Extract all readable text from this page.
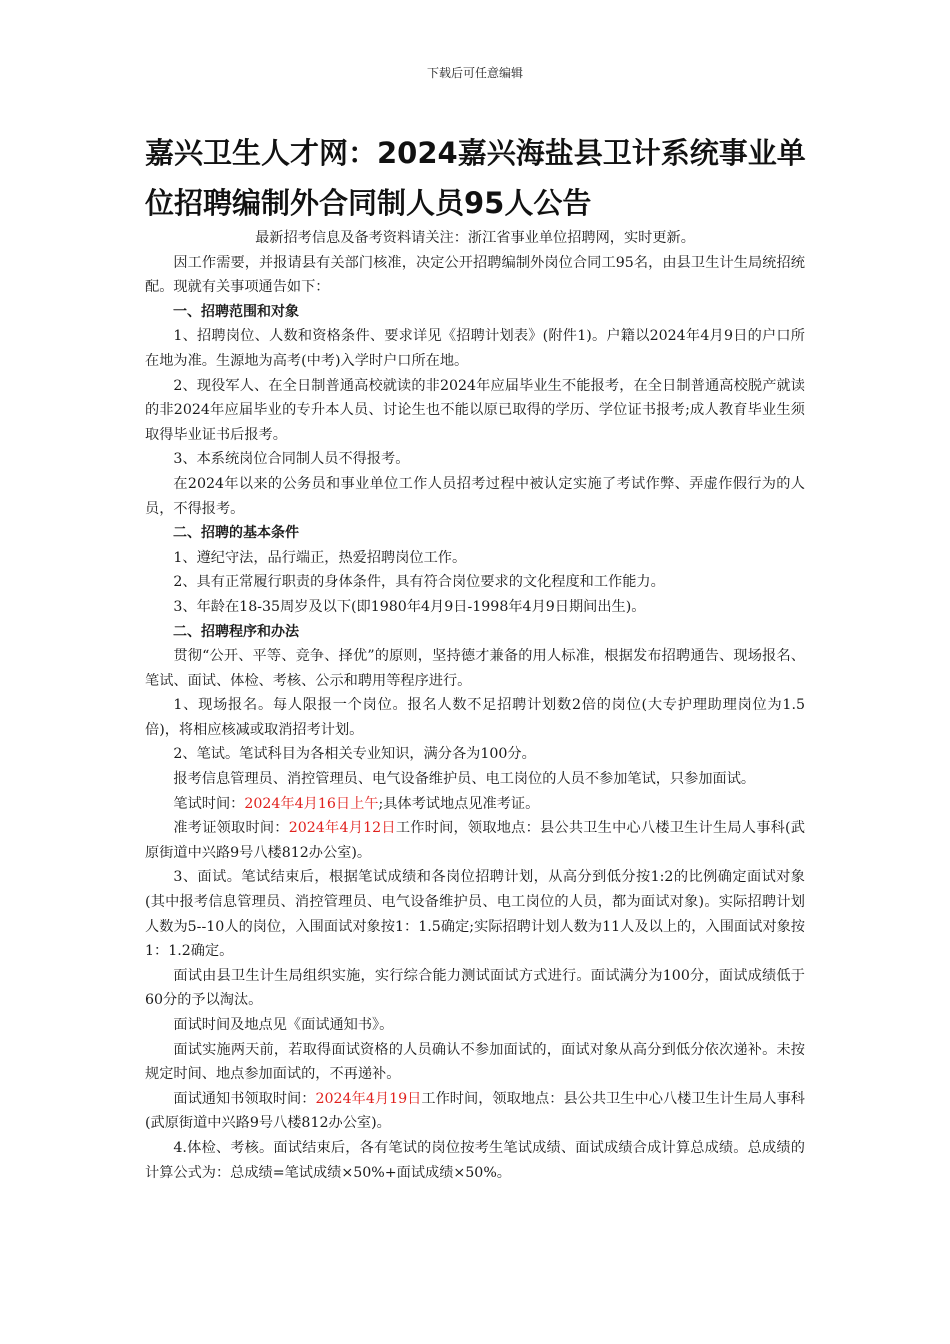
下载后可任意编辑
嘉兴卫生人才网：2024嘉兴海盐县卫计系统事业单位招聘编制外合同制人员95人公告

最新招考信息及备考资料请关注：浙江省事业单位招聘网，实时更新。

因工作需要，并报请县有关部门核准，决定公开招聘编制外岗位合同工95名，由县卫生计生局统招统配。现就有关事项通告如下：

一、招聘范围和对象

1、招聘岗位、人数和资格条件、要求详见《招聘计划表》(附件1)。户籍以2024年4月9日的户口所在地为准。生源地为高考(中考)入学时户口所在地。

2、现役军人、在全日制普通高校就读的非2024年应届毕业生不能报考，在全日制普通高校脱产就读的非2024年应届毕业的专升本人员、讨论生也不能以原已取得的学历、学位证书报考;成人教育毕业生须取得毕业证书后报考。

3、本系统岗位合同制人员不得报考。

在2024年以来的公务员和事业单位工作人员招考过程中被认定实施了考试作弊、弄虚作假行为的人员，不得报考。

二、招聘的基本条件

1、遵纪守法，品行端正，热爱招聘岗位工作。

2、具有正常履行职责的身体条件，具有符合岗位要求的文化程度和工作能力。

3、年龄在18-35周岁及以下(即1980年4月9日-1998年4月9日期间出生)。

二、招聘程序和办法

贯彻“公开、平等、竞争、择优”的原则，坚持德才兼备的用人标准，根据发布招聘通告、现场报名、笔试、面试、体检、考核、公示和聘用等程序进行。

1、现场报名。每人限报一个岗位。报名人数不足招聘计划数2倍的岗位(大专护理助理岗位为1.5倍)，将相应核减或取消招考计划。

2、笔试。笔试科目为各相关专业知识，满分各为100分。

报考信息管理员、消控管理员、电气设备维护员、电工岗位的人员不参加笔试，只参加面试。

笔试时间：2024年4月16日上午;具体考试地点见准考证。

准考证领取时间：2024年4月12日工作时间，领取地点：县公共卫生中心八楼卫生计生局人事科(武原街道中兴路9号八楼812办公室)。

3、面试。笔试结束后，根据笔试成绩和各岗位招聘计划，从高分到低分按1:2的比例确定面试对象(其中报考信息管理员、消控管理员、电气设备维护员、电工岗位的人员，都为面试对象)。实际招聘计划人数为5--10人的岗位，入围面试对象按1：1.5确定;实际招聘计划人数为11人及以上的，入围面试对象按1：1.2确定。

面试由县卫生计生局组织实施，实行综合能力测试面试方式进行。面试满分为100分，面试成绩低于60分的予以淘汰。

面试时间及地点见《面试通知书》。

面试实施两天前，若取得面试资格的人员确认不参加面试的，面试对象从高分到低分依次递补。未按规定时间、地点参加面试的，不再递补。

面试通知书领取时间：2024年4月19日工作时间，领取地点：县公共卫生中心八楼卫生计生局人事科(武原街道中兴路9号八楼812办公室)。

4.体检、考核。面试结束后，各有笔试的岗位按考生笔试成绩、面试成绩合成计算总成绩。总成绩的计算公式为：总成绩=笔试成绩×50%+面试成绩×50%。
